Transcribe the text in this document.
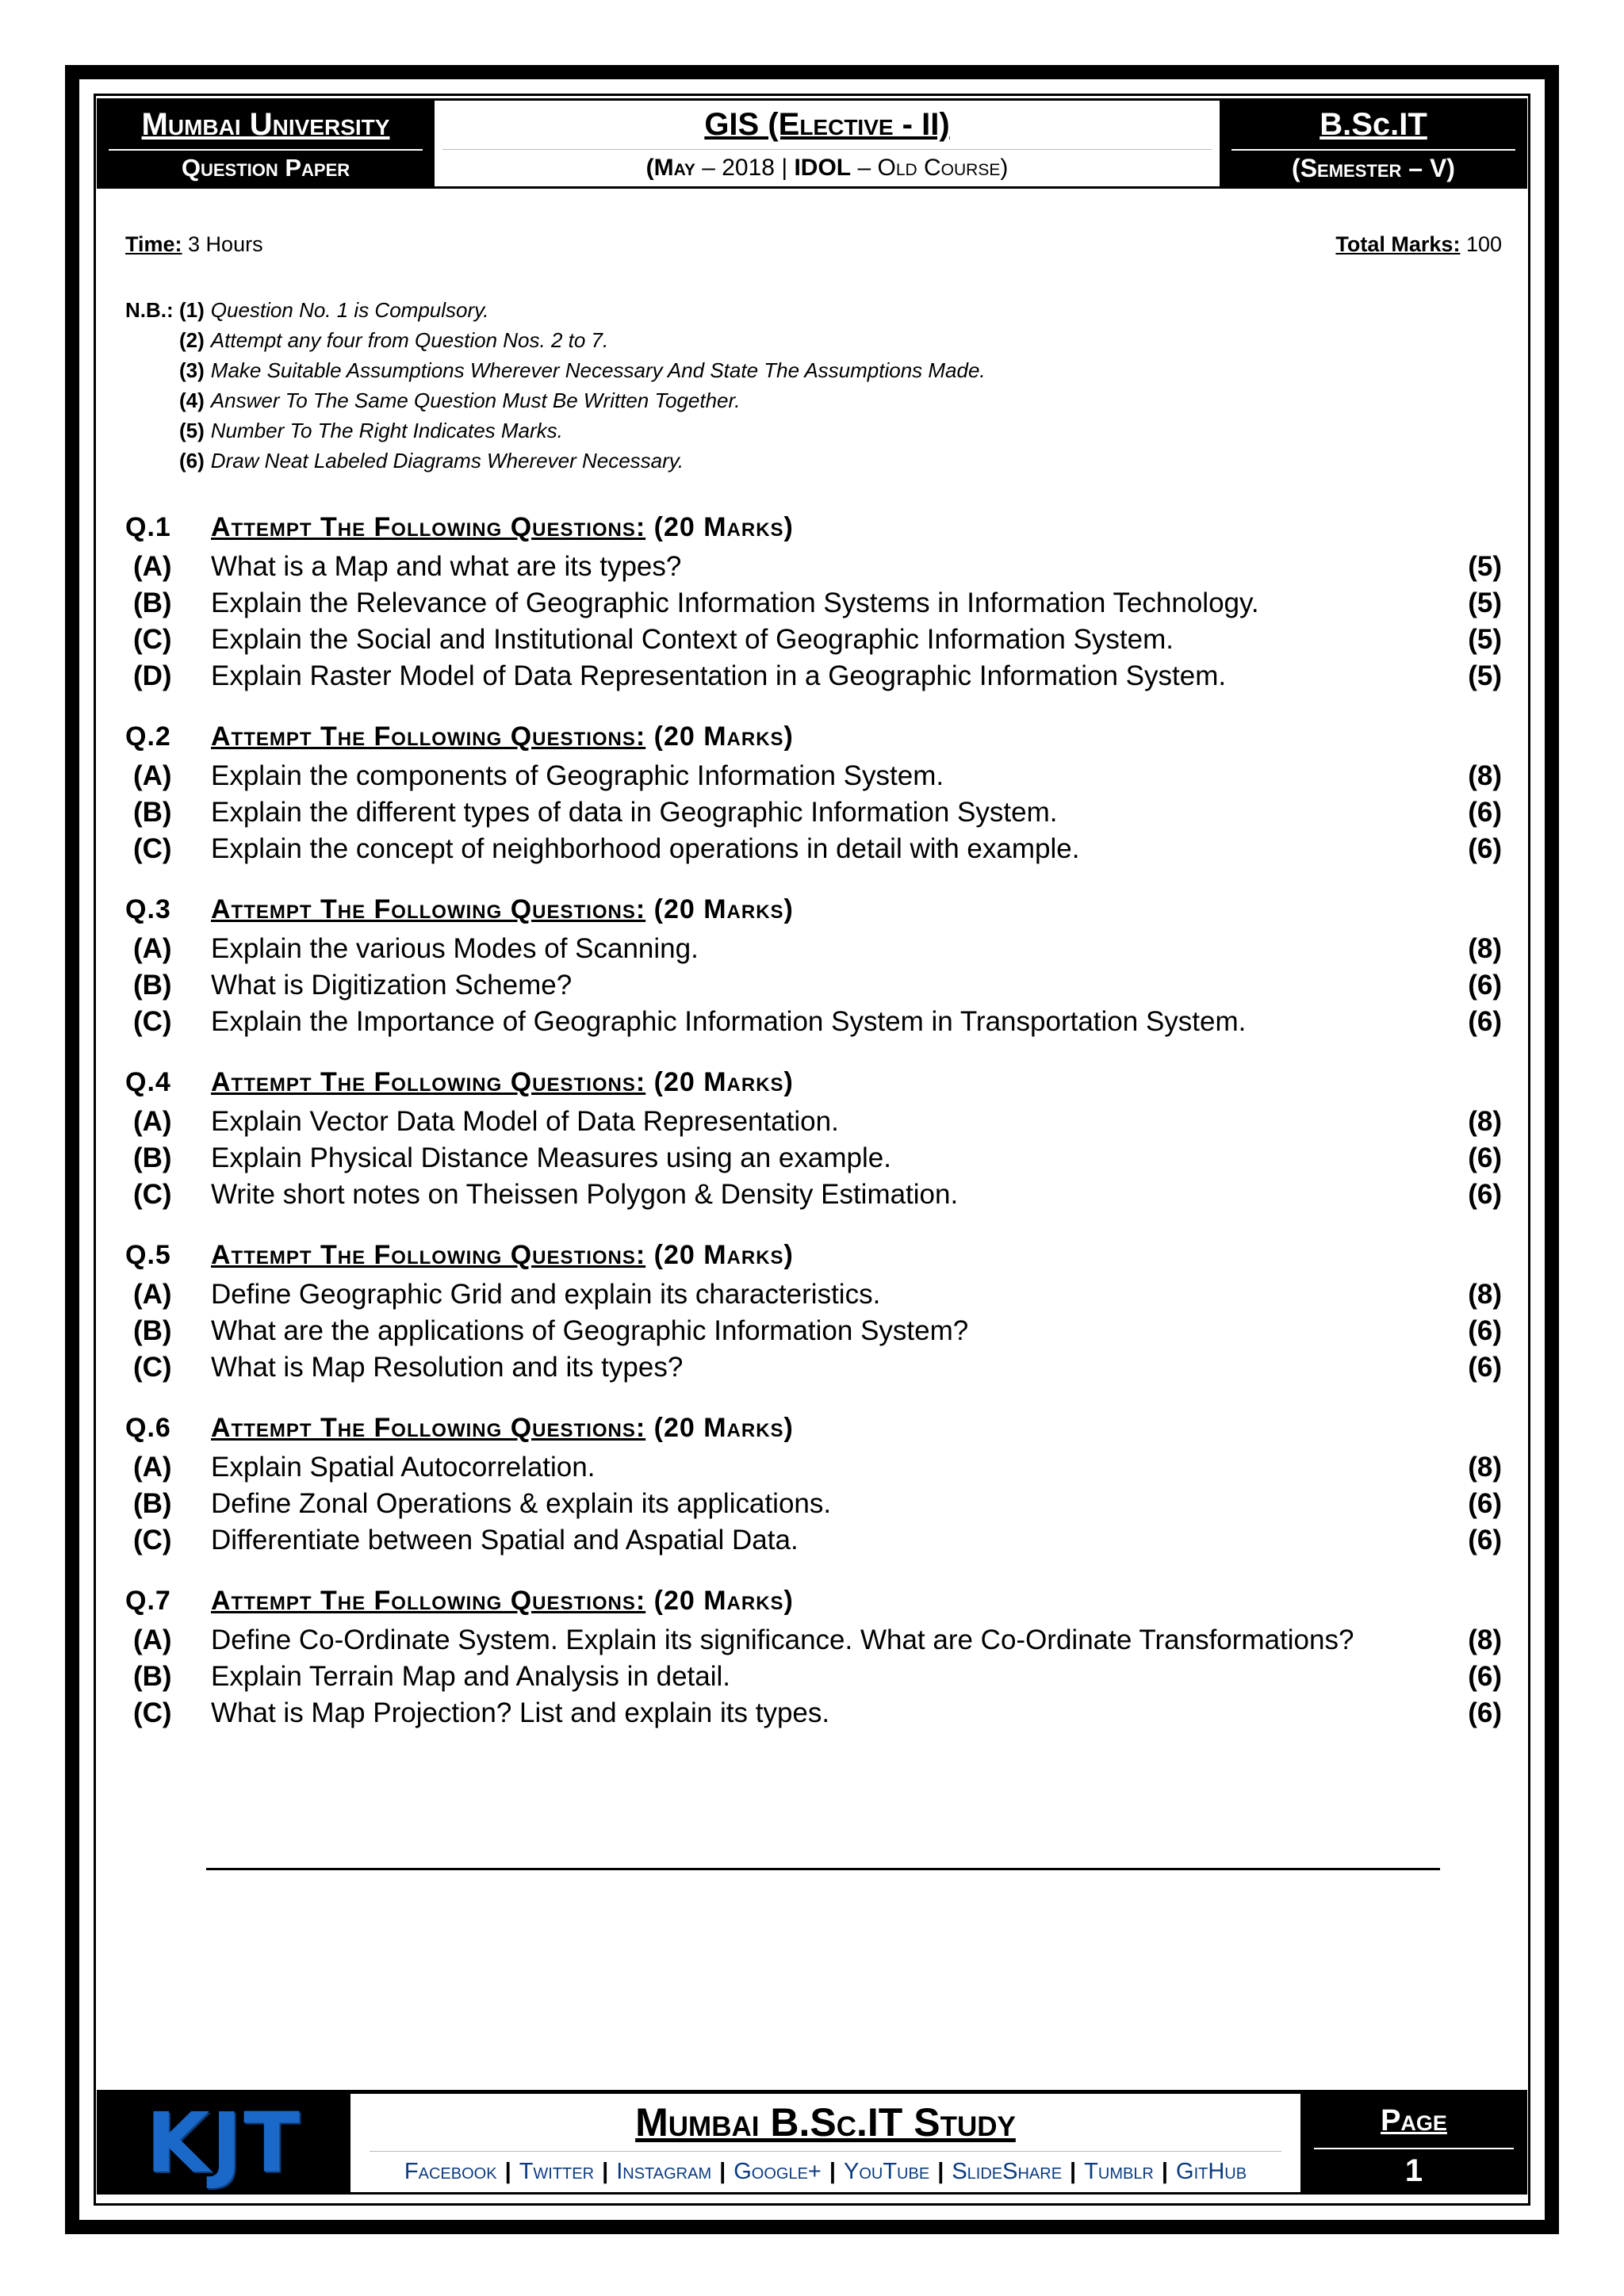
Mumbai University
Question Paper
GIS (Elective - II)
(May – 2018 | IDOL – Old Course)
B.Sc.IT
(Semester – V)
Time: 3 Hours	Total Marks: 100
N.B.: (1) Question No. 1 is Compulsory.
(2) Attempt any four from Question Nos. 2 to 7.
(3) Make Suitable Assumptions Wherever Necessary And State The Assumptions Made.
(4) Answer To The Same Question Must Be Written Together.
(5) Number To The Right Indicates Marks.
(6) Draw Neat Labeled Diagrams Wherever Necessary.
Q.1	Attempt The Following Questions: (20 Marks)
(A)	What is a Map and what are its types?	(5)
(B)	Explain the Relevance of Geographic Information Systems in Information Technology.	(5)
(C)	Explain the Social and Institutional Context of Geographic Information System.	(5)
(D)	Explain Raster Model of Data Representation in a Geographic Information System.	(5)
Q.2	Attempt The Following Questions: (20 Marks)
(A)	Explain the components of Geographic Information System.	(8)
(B)	Explain the different types of data in Geographic Information System.	(6)
(C)	Explain the concept of neighborhood operations in detail with example.	(6)
Q.3	Attempt The Following Questions: (20 Marks)
(A)	Explain the various Modes of Scanning.	(8)
(B)	What is Digitization Scheme?	(6)
(C)	Explain the Importance of Geographic Information System in Transportation System.	(6)
Q.4	Attempt The Following Questions: (20 Marks)
(A)	Explain Vector Data Model of Data Representation.	(8)
(B)	Explain Physical Distance Measures using an example.	(6)
(C)	Write short notes on Theissen Polygon & Density Estimation.	(6)
Q.5	Attempt The Following Questions: (20 Marks)
(A)	Define Geographic Grid and explain its characteristics.	(8)
(B)	What are the applications of Geographic Information System?	(6)
(C)	What is Map Resolution and its types?	(6)
Q.6	Attempt The Following Questions: (20 Marks)
(A)	Explain Spatial Autocorrelation.	(8)
(B)	Define Zonal Operations & explain its applications.	(6)
(C)	Differentiate between Spatial and Aspatial Data.	(6)
Q.7	Attempt The Following Questions: (20 Marks)
(A)	Define Co-Ordinate System. Explain its significance. What are Co-Ordinate Transformations?	(8)
(B)	Explain Terrain Map and Analysis in detail.	(6)
(C)	What is Map Projection? List and explain its types.	(6)
KJT	Mumbai B.Sc.IT Study
Facebook | Twitter | Instagram | Google+ | YouTube | SlideShare | Tumblr | GitHub
Page
1
